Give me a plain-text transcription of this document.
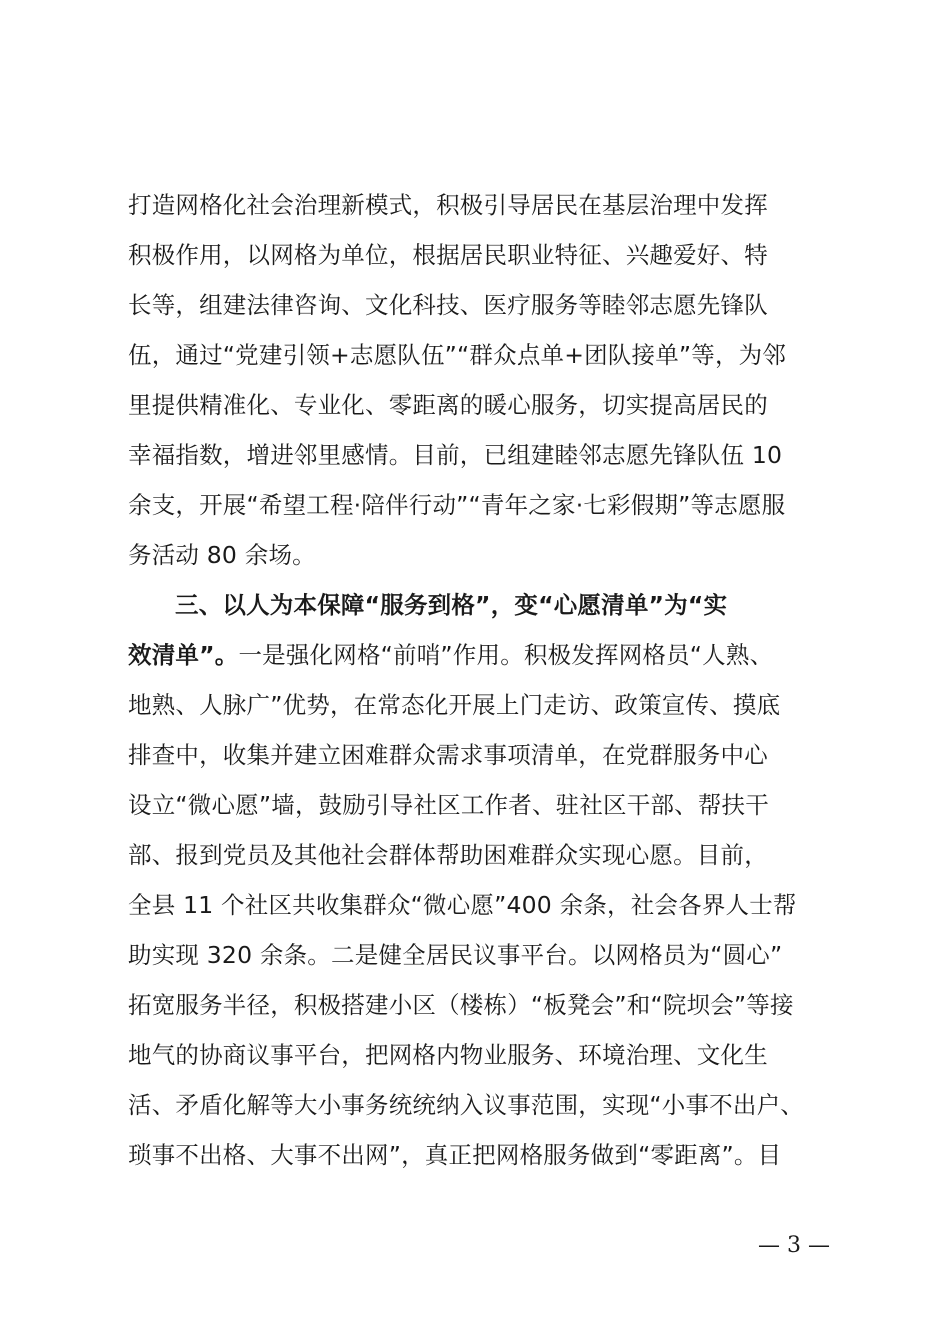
打造网格化社会治理新模式，积极引导居民在基层治理中发挥
积极作用，以网格为单位，根据居民职业特征、兴趣爱好、特
长等，组建法律咨询、文化科技、医疗服务等睦邻志愿先锋队
伍，通过“党建引领+志愿队伍”“群众点单+团队接单”等，为邻
里提供精准化、专业化、零距离的暖心服务，切实提高居民的
幸福指数，增进邻里感情。目前，已组建睦邻志愿先锋队伍 10
余支，开展“希望工程·陪伴行动”“青年之家·七彩假期”等志愿服
务活动 80 余场。
三、以人为本保障“服务到格”，变“心愿清单”为“实
效清单”。一是强化网格“前哨”作用。积极发挥网格员“人熟、
地熟、人脉广”优势，在常态化开展上门走访、政策宣传、摸底
排查中，收集并建立困难群众需求事项清单，在党群服务中心
设立“微心愿”墙，鼓励引导社区工作者、驻社区干部、帮扶干
部、报到党员及其他社会群体帮助困难群众实现心愿。目前，
全县 11 个社区共收集群众“微心愿”400 余条，社会各界人士帮
助实现 320 余条。二是健全居民议事平台。以网格员为“圆心”
拓宽服务半径，积极搭建小区（楼栋）“板凳会”和“院坝会”等接
地气的协商议事平台，把网格内物业服务、环境治理、文化生
活、矛盾化解等大小事务统统纳入议事范围，实现“小事不出户、
琐事不出格、大事不出网”，真正把网格服务做到“零距离”。目
— 3 —
